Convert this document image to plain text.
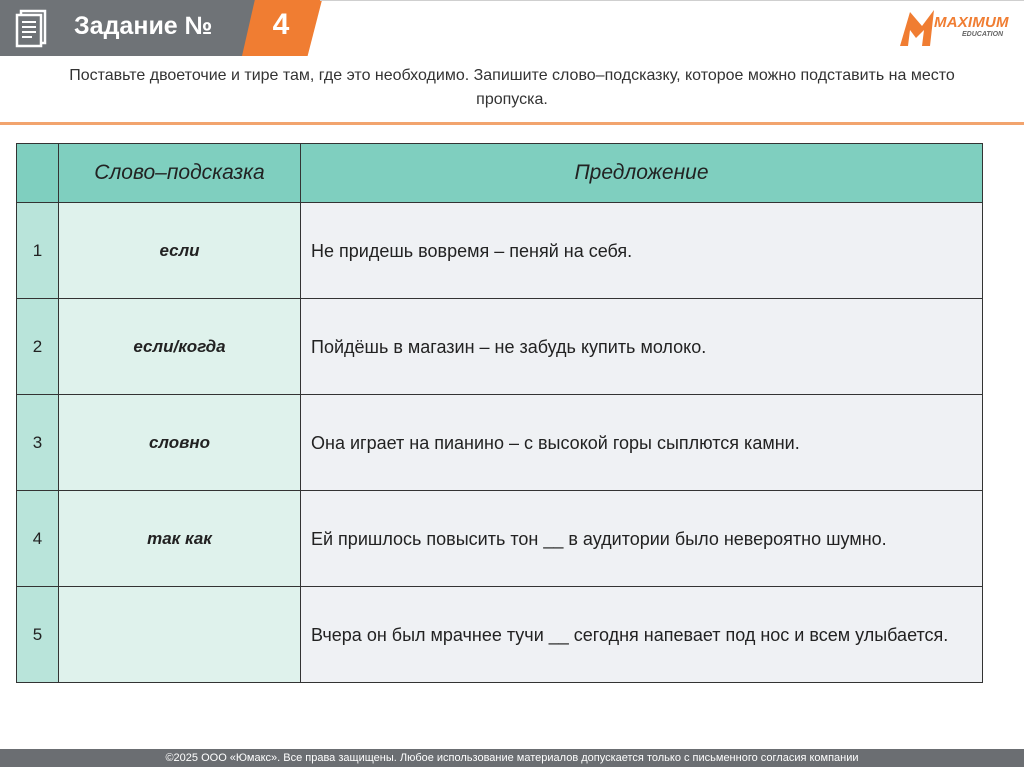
Задание №	4	MAXIMUM
EDUCATION
Поставьте двоеточие и тире там, где это необходимо. Запишите слово–подсказку, которое можно подставить на место пропуска.
	Слово–подсказка	Предложение
1	если	Не придешь вовремя – пеняй на себя.
2	если/когда	Пойдёшь в магазин – не забудь купить молоко.
3	словно	Она играет на пианино – с высокой горы сыплются камни.
4	так как	Ей пришлось повысить тон __ в аудитории было невероятно шумно.
5		Вчера он был мрачнее тучи __ сегодня напевает под нос и всем улыбается.
©2025 ООО «Юмакс». Все права защищены. Любое использование материалов допускается только с письменного согласия компании
